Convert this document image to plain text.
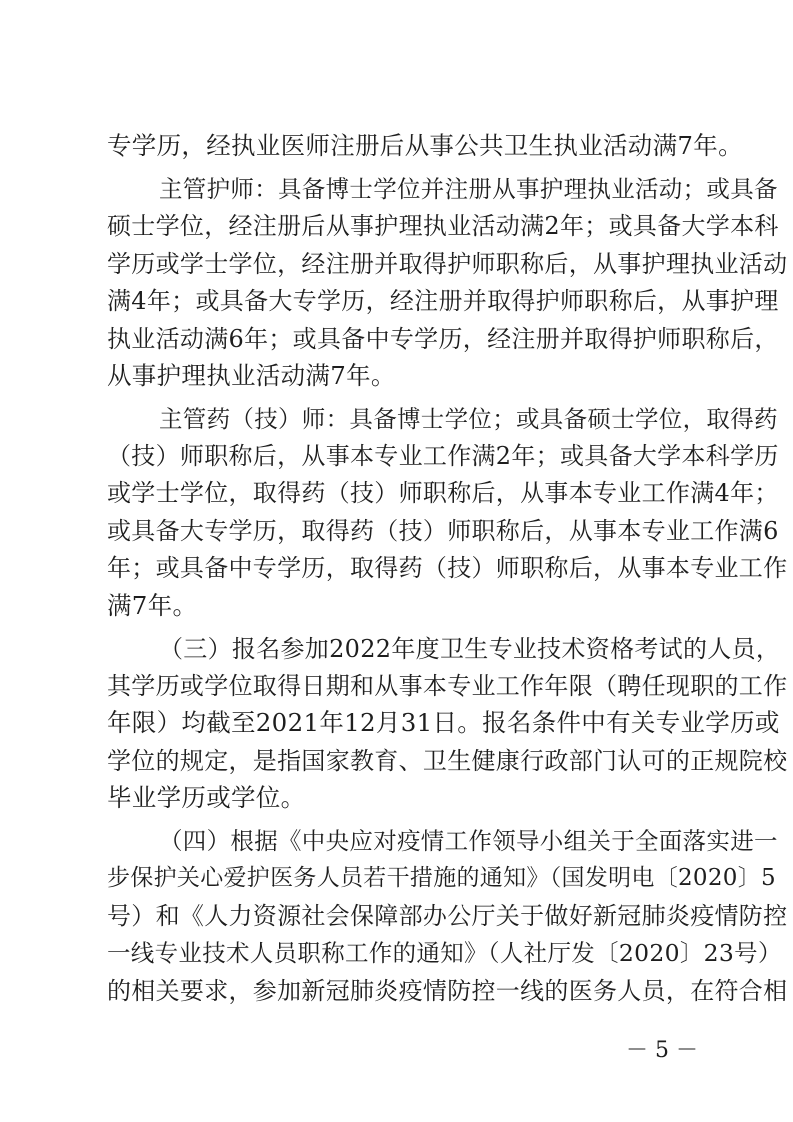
专学历，经执业医师注册后从事公共卫生执业活动满7年。
主管护师：具备博士学位并注册从事护理执业活动；或具备
硕士学位，经注册后从事护理执业活动满2年；或具备大学本科
学历或学士学位，经注册并取得护师职称后，从事护理执业活动
满4年；或具备大专学历，经注册并取得护师职称后，从事护理
执业活动满6年；或具备中专学历，经注册并取得护师职称后，
从事护理执业活动满7年。
主管药（技）师：具备博士学位；或具备硕士学位，取得药
（技）师职称后，从事本专业工作满2年；或具备大学本科学历
或学士学位，取得药（技）师职称后，从事本专业工作满4年；
或具备大专学历，取得药（技）师职称后，从事本专业工作满6
年；或具备中专学历，取得药（技）师职称后，从事本专业工作
满7年。
（三）报名参加2022年度卫生专业技术资格考试的人员，
其学历或学位取得日期和从事本专业工作年限（聘任现职的工作
年限）均截至2021年12月31日。报名条件中有关专业学历或
学位的规定，是指国家教育、卫生健康行政部门认可的正规院校
毕业学历或学位。
（四）根据《中央应对疫情工作领导小组关于全面落实进一
步保护关心爱护医务人员若干措施的通知》（国发明电〔2020〕5
号）和《人力资源社会保障部办公厅关于做好新冠肺炎疫情防控
一线专业技术人员职称工作的通知》（人社厅发〔2020〕23号）
的相关要求，参加新冠肺炎疫情防控一线的医务人员，在符合相
－ 5 －
